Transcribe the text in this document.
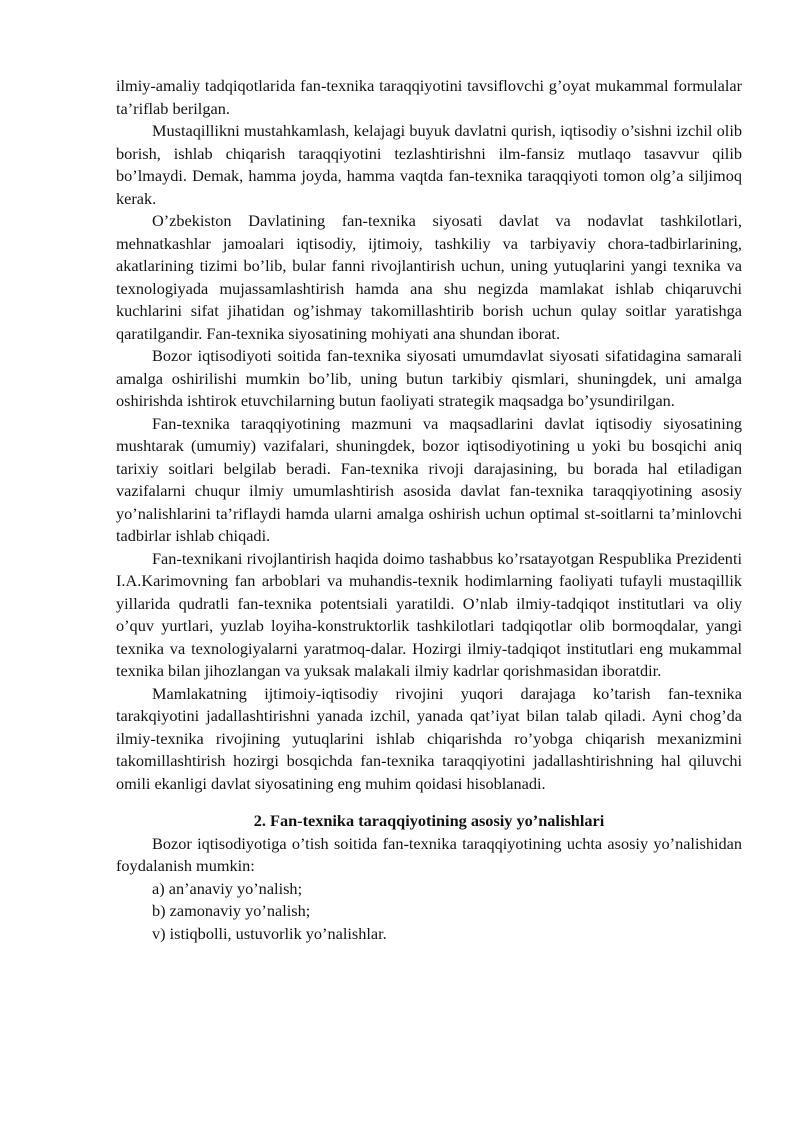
ilmiy-amaliy tadqiqotlarida fan-texnika taraqqiyotini tavsiflovchi g’oyat mukammal formulalar ta’riflab berilgan.

Mustaqillikni mustahkamlash, kelajagi buyuk davlatni qurish, iqtisodiy o’sishni izchil olib borish, ishlab chiqarish taraqqiyotini tezlashtirishni ilm-fansiz mutlaqo tasavvur qilib bo’lmaydi. Demak, hamma joyda, hamma vaqtda fan-texnika taraqqiyoti tomon olg’a siljimoq kerak.

O’zbekiston Davlatining fan-texnika siyosati davlat va nodavlat tashkilotlari, mehnatkashlar jamoalari iqtisodiy, ijtimoiy, tashkiliy va tarbiyaviy chora-tadbirlarining, akatlarining tizimi bo’lib, bular fanni rivojlantirish uchun, uning yutuqlarini yangi texnika va texnologiyada mujassamlashtirish hamda ana shu negizda mamlakat ishlab chiqaruvchi kuchlarini sifat jihatidan og’ishmay takomillashtirib borish uchun qulay soitlar yaratishga qaratilgandir. Fan-texnika siyosatining mohiyati ana shundan iborat.

Bozor iqtisodiyoti soitida fan-texnika siyosati umumdavlat siyosati sifatidagina samarali amalga oshirilishi mumkin bo’lib, uning butun tarkibiy qismlari, shuningdek, uni amalga oshirishda ishtirok etuvchilarning butun faoliyati strategik maqsadga bo’ysundirilgan.

Fan-texnika taraqqiyotining mazmuni va maqsadlarini davlat iqtisodiy siyosatining mushtarak (umumiy) vazifalari, shuningdek, bozor iqtisodiyotining u yoki bu bosqichi aniq tarixiy soitlari belgilab beradi. Fan-texnika rivoji darajasining, bu borada hal etiladigan vazifalarni chuqur ilmiy umumlashtirish asosida davlat fan-texnika taraqqiyotining asosiy yo’nalishlarini ta’riflaydi hamda ularni amalga oshirish uchun optimal st-soitlarni ta’minlovchi tadbirlar ishlab chiqadi.

Fan-texnikani rivojlantirish haqida doimo tashabbus ko’rsatayotgan Respublika Prezidenti I.A.Karimovning fan arboblari va muhandis-texnik hodimlarning faoliyati tufayli mustaqillik yillarida qudratli fan-texnika potentsiali yaratildi. O’nlab ilmiy-tadqiqot institutlari va oliy o’quv yurtlari, yuzlab loyiha-konstruktorlik tashkilotlari tadqiqotlar olib bormoqdalar, yangi texnika va texnologiyalarni yaratmoq-dalar. Hozirgi ilmiy-tadqiqot institutlari eng mukammal texnika bilan jihozlangan va yuksak malakali ilmiy kadrlar qorishmasidan iboratdir.

Mamlakatning ijtimoiy-iqtisodiy rivojini yuqori darajaga ko’tarish fan-texnika tarakqiyotini jadallashtirishni yanada izchil, yanada qat’iyat bilan talab qiladi. Ayni chog’da ilmiy-texnika rivojining yutuqlarini ishlab chiqarishda ro’yobga chiqarish mexanizmini takomillashtirish hozirgi bosqichda fan-texnika taraqqiyotini jadallashtirishning hal qiluvchi omili ekanligi davlat siyosatining eng muhim qoidasi hisoblanadi.

2. Fan-texnika taraqqiyotining asosiy yo’nalishlari

Bozor iqtisodiyotiga o’tish soitida fan-texnika taraqqiyotining uchta asosiy yo’nalishidan foydalanish mumkin:

a) an’anaviy yo’nalish;
b) zamonaviy yo’nalish;
v) istiqbolli, ustuvorlik yo’nalishlar.
